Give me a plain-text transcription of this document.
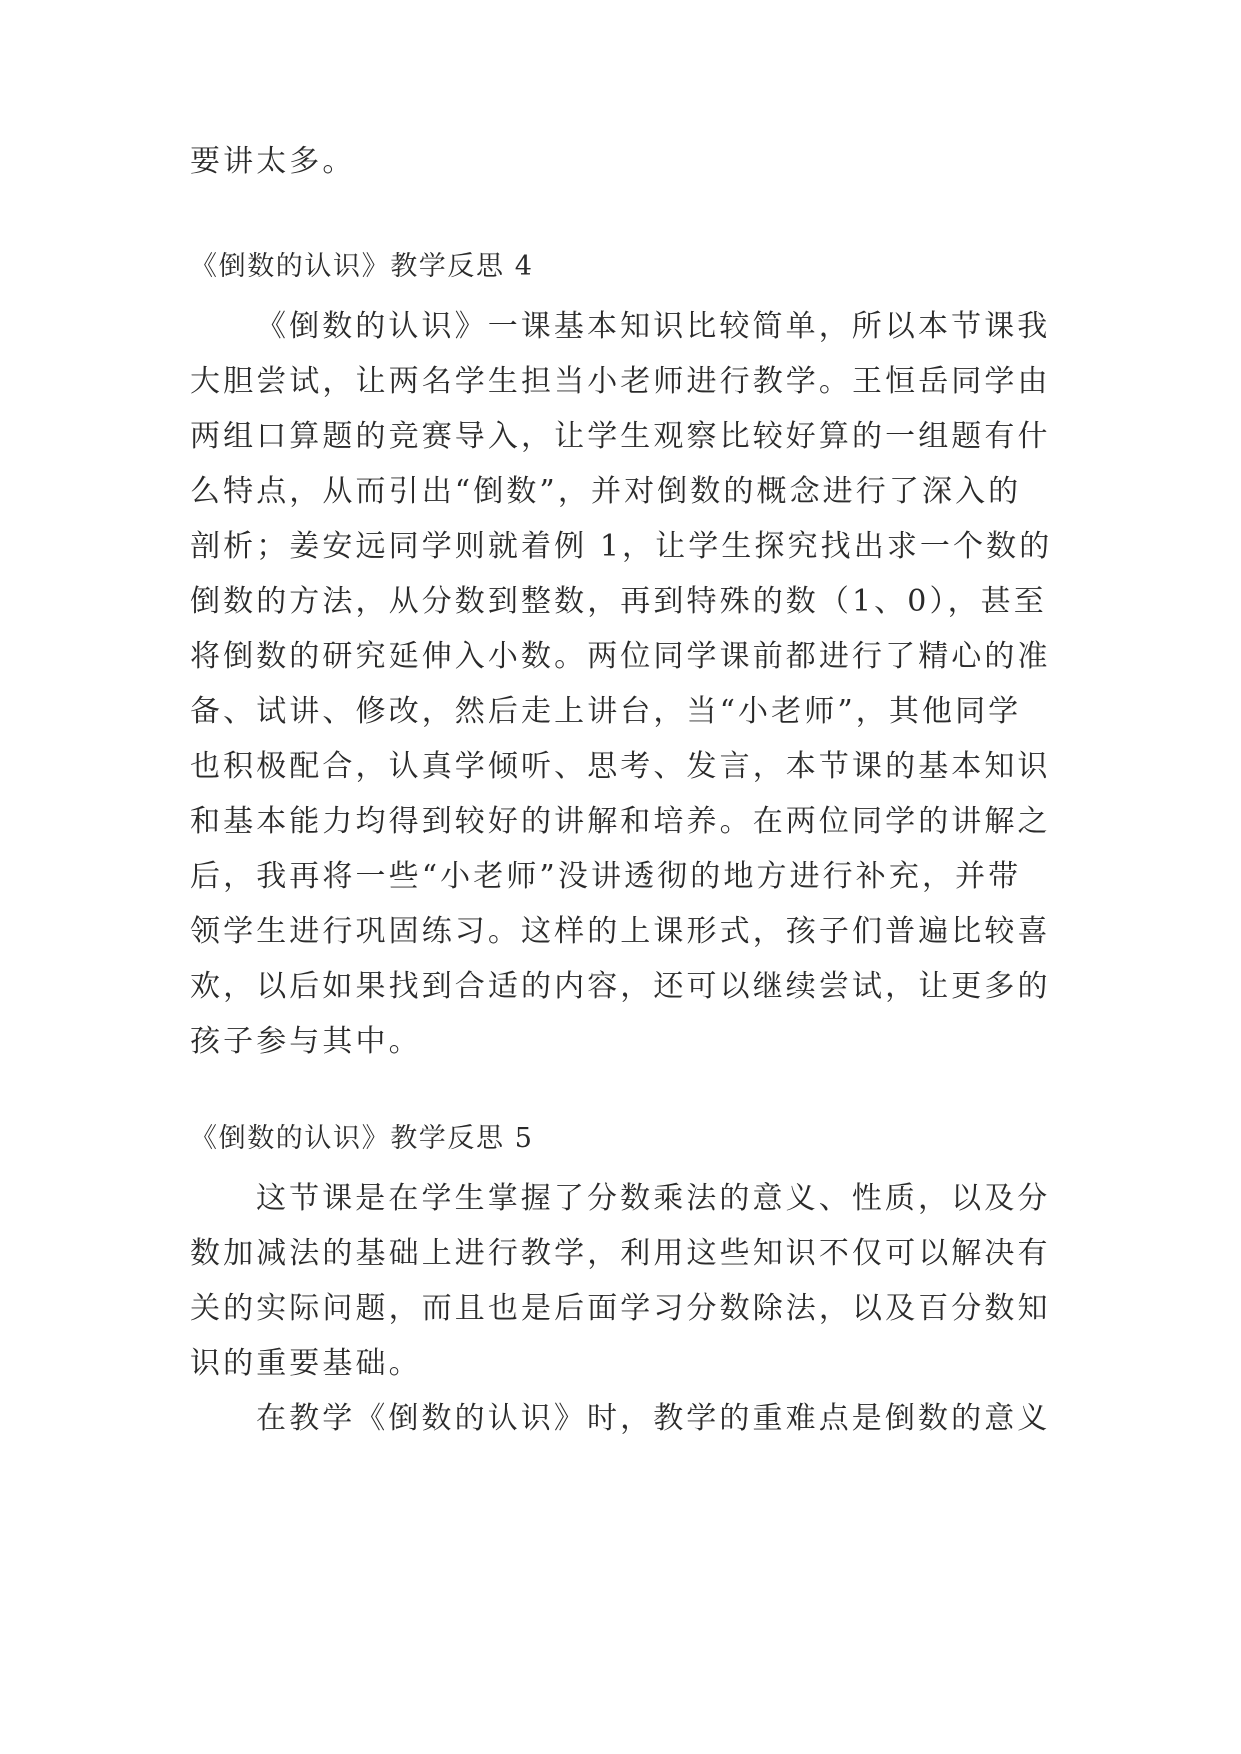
要讲太多。
《倒数的认识》教学反思 4
《倒数的认识》一课基本知识比较简单，所以本节课我
大胆尝试，让两名学生担当小老师进行教学。王恒岳同学由
两组口算题的竞赛导入，让学生观察比较好算的一组题有什
么特点，从而引出“倒数”，并对倒数的概念进行了深入的
剖析；姜安远同学则就着例 1，让学生探究找出求一个数的
倒数的方法，从分数到整数，再到特殊的数（1、0），甚至
将倒数的研究延伸入小数。两位同学课前都进行了精心的准
备、试讲、修改，然后走上讲台，当“小老师”，其他同学
也积极配合，认真学倾听、思考、发言，本节课的基本知识
和基本能力均得到较好的讲解和培养。在两位同学的讲解之
后，我再将一些“小老师”没讲透彻的地方进行补充，并带
领学生进行巩固练习。这样的上课形式，孩子们普遍比较喜
欢，以后如果找到合适的内容，还可以继续尝试，让更多的
孩子参与其中。
《倒数的认识》教学反思 5
这节课是在学生掌握了分数乘法的意义、性质，以及分
数加减法的基础上进行教学，利用这些知识不仅可以解决有
关的实际问题，而且也是后面学习分数除法，以及百分数知
识的重要基础。
在教学《倒数的认识》时，教学的重难点是倒数的意义
